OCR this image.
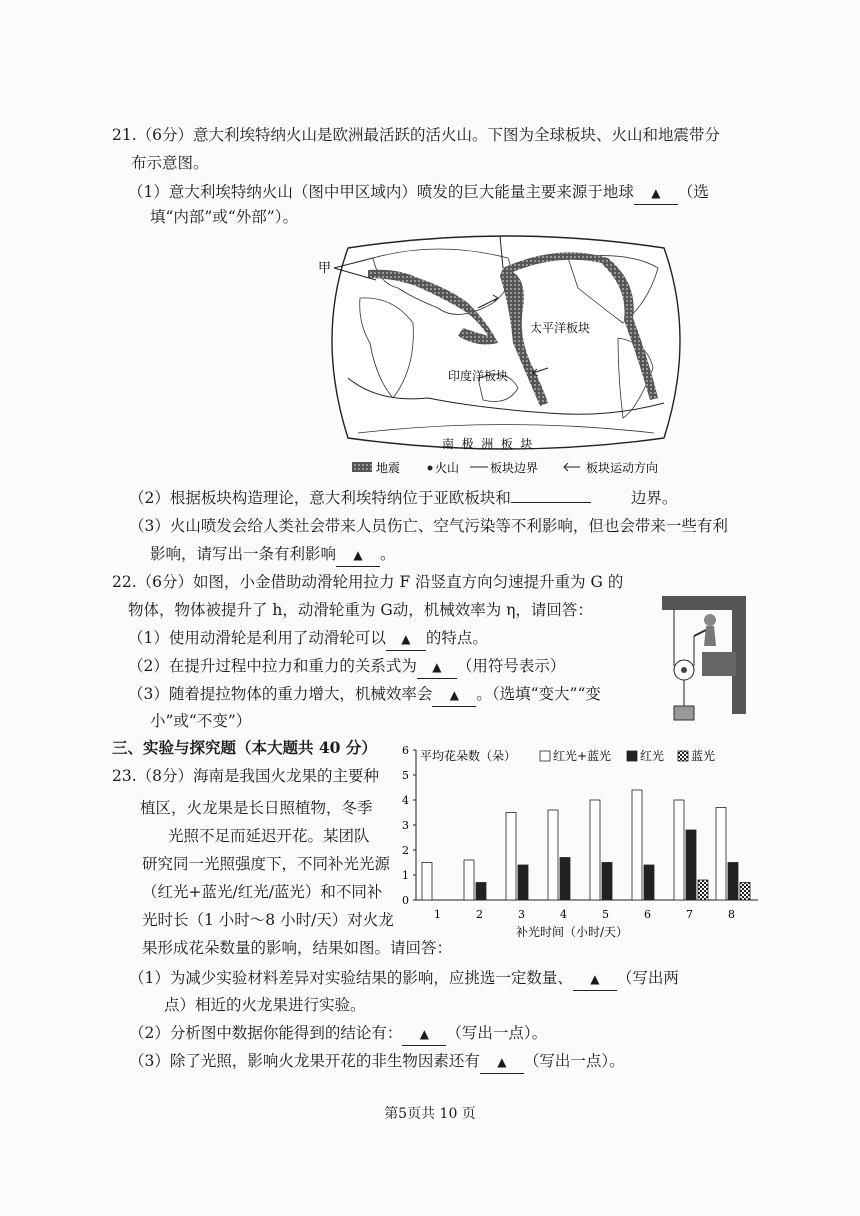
21.（6分）意大利埃特纳火山是欧洲最活跃的活火山。下图为全球板块、火山和地震带分
布示意图。
（1）意大利埃特纳火山（图中甲区域内）喷发的巨大能量主要来源于地球 ▲ （选
填“内部”或“外部”）。
甲
太平洋板块
印度洋板块
南  极  洲  板  块
地震	火山	板块边界	板块运动方向
（2）根据板块构造理论，意大利埃特纳位于亚欧板块和	边界。
（3）火山喷发会给人类社会带来人员伤亡、空气污染等不利影响，但也会带来一些有利
影响，请写出一条有利影响 ▲ 。
22.（6分）如图，小金借助动滑轮用拉力 F 沿竖直方向匀速提升重为 G 的
物体，物体被提升了 h，动滑轮重为 G动，机械效率为 η，请回答：
（1）使用动滑轮是利用了动滑轮可以 ▲ 的特点。
（2）在提升过程中拉力和重力的关系式为 ▲ （用符号表示）
（3）随着提拉物体的重力增大，机械效率会 ▲ 。（选填“变大”“变
小”或“不变”）
三、实验与探究题（本大题共 40 分）
23.（8分）海南是我国火龙果的主要种
植区，火龙果是长日照植物，冬季
光照不足而延迟开花。某团队
研究同一光照强度下，不同补光光源
（红光+蓝光/红光/蓝光）和不同补
光时长（1 小时～8 小时/天）对火龙
果形成花朵数量的影响，结果如图。请回答：
平均花朵数（朵）	红光+蓝光 红光 蓝光
0
1
2
3
4
5
6
1	2	3	4	5	6	7	8
补光时间（小时/天）
（1）为减少实验材料差异对实验结果的影响，应挑选一定数量、 ▲ （写出两
点）相近的火龙果进行实验。
（2）分析图中数据你能得到的结论有： ▲ （写出一点）。
（3）除了光照，影响火龙果开花的非生物因素还有 ▲ （写出一点）。
第5页共 10 页
